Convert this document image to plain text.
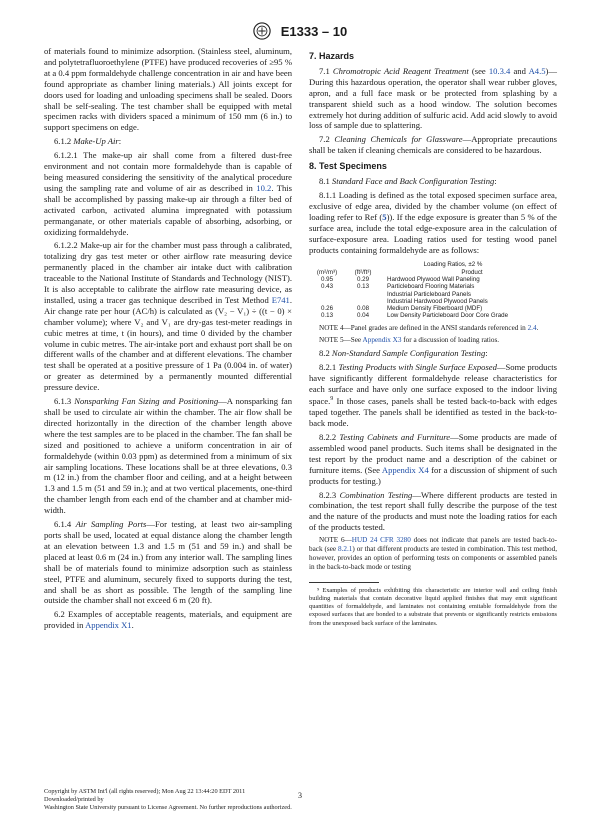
E1333 – 10

of materials found to minimize adsorption. (Stainless steel, aluminum, and polytetrafluoroethylene (PTFE) have produced recoveries of ≥95 % at a 0.4 ppm formaldehyde challenge concentration in air and have been found appropriate as chamber lining materials.) All joints except for doors used for loading and unloading specimens shall be sealed. Doors shall be self-sealing. The test chamber shall be equipped with metal specimen racks with dividers spaced a minimum of 150 mm (6 in.) to support specimens on edge.

6.1.2 Make-Up Air:

6.1.2.1 The make-up air shall come from a filtered dust-free environment and not contain more formaldehyde than is capable of being measured considering the sensitivity of the analytical procedure using the sampling rate and volume of air as described in 10.2. This shall be accomplished by passing make-up air through a filter bed of activated carbon, activated alumina impregnated with potassium permanganate, or other materials capable of absorbing, adsorbing, or oxidizing formaldehyde.

6.1.2.2 Make-up air for the chamber must pass through a calibrated, totalizing dry gas test meter or other airflow rate measuring device permanently placed in the chamber air intake duct with calibration traceable to the National Institute of Standards and Technology (NIST). It is also acceptable to calibrate the airflow rate measuring device, as installed, using a tracer gas technique described in Test Method E741. Air change rate per hour (AC/h) is calculated as (V₂ − V₁) ÷ ((t − 0) × chamber volume); where V₂ and V₁ are dry-gas test-meter readings in cubic metres at time, t (in hours), and time 0 divided by the chamber volume in cubic metres. The air-intake port and exhaust port shall be on different walls of the chamber and at different elevations. The chamber test shall be operated at a positive pressure of 1 Pa (0.004 in. of water) or greater as determined by a permanently mounted differential pressure device.

6.1.3 Nonsparking Fan Sizing and Positioning—A nonsparking fan shall be used to circulate air within the chamber. The air flow shall be directed horizontally in the direction of the chamber length above where the test samples are to be placed in the chamber. The fan shall be sized and positioned to achieve a uniform concentration in air of formaldehyde (within 0.03 ppm) as determined from a minimum of six air sampling locations. These locations shall be at three elevations, 0.3 m (12 in.) from the chamber floor and ceiling, and at a height between 1.3 and 1.5 m (51 and 59 in.); and at two vertical placements, one-third the chamber length from each end of the chamber and at chamber mid-width.

6.1.4 Air Sampling Ports—For testing, at least two air-sampling ports shall be used, located at equal distance along the chamber length at an elevation between 1.3 and 1.5 m (51 and 59 in.) and shall be placed at least 0.6 m (24 in.) from any interior wall. The sampling lines shall be of materials found to minimize adsorption such as stainless steel, PTFE and aluminum, securely fixed to supports during the test, and shall be as short as possible. The length of the sampling line outside the chamber shall not exceed 6 m (20 ft).

6.2 Examples of acceptable reagents, materials, and equipment are provided in Appendix X1.

7. Hazards

7.1 Chromotropic Acid Reagent Treatment (see 10.3.4 and A4.5)—During this hazardous operation, the operator shall wear rubber gloves, apron, and a full face mask or be protected from splashing by a transparent shield such as a hood window. The solution becomes extremely hot during addition of sulfuric acid. Add acid slowly to avoid loss of sample due to splattering.

7.2 Cleaning Chemicals for Glassware—Appropriate precautions shall be taken if cleaning chemicals are considered to be hazardous.

8. Test Specimens

8.1 Standard Face and Back Configuration Testing:

8.1.1 Loading is defined as the total exposed specimen surface area, exclusive of edge area, divided by the chamber volume (on effect of loading refer to Ref (5)). If the edge exposure is greater than 5 % of the surface area, include the total edge-exposure area in the calculation of surface-exposure area. Loading ratios used for testing wood panel products containing formaldehyde are as follows:

Loading Ratios, ±2 %		
(m²/m³)	(ft²/ft³)	Product
0.95	0.29	Hardwood Plywood Wall Paneling
0.43	0.13	Particleboard Flooring Materials
		Industrial Particleboard Panels
		Industrial Hardwood Plywood Panels
0.26	0.08	Medium Density Fiberboard (MDF)
0.13	0.04	Low Density Particleboard Door Core Grade

NOTE 4—Panel grades are defined in the ANSI standards referenced in 2.4.

NOTE 5—See Appendix X3 for a discussion of loading ratios.

8.2 Non-Standard Sample Configuration Testing:

8.2.1 Testing Products with Single Surface Exposed—Some products have significantly different formaldehyde release characteristics for each surface and have only one surface exposed to the indoor living space.$^9$ In those cases, panels shall be tested back-to-back with edges taped together. The panels shall be identified as tested in the back-to-back mode.

8.2.2 Testing Cabinets and Furniture—Some products are made of assembled wood panel products. Such items shall be designated in the test report by the product name and a description of the cabinet or furniture items. (See Appendix X4 for a discussion of shipment of such products for testing.)

8.2.3 Combination Testing—Where different products are tested in combination, the test report shall fully describe the purpose of the test and the nature of the products and must note the loading ratios for each of the products tested.

NOTE 6—HUD 24 CFR 3280 does not indicate that panels are tested back-to-back (see 8.2.1) or that different products are tested in combination. This test method, however, provides an option of performing tests on components or assembled panels in the back-to-back mode or testing

⁹ Examples of products exhibiting this characteristic are interior wall and ceiling finish building materials that contain decorative liquid applied finishes that may emit significant quantities of formaldehyde, and laminates not containing emitable formaldehyde from the exposed surfaces that are bonded to a substrate that prevents or significantly restricts emissions from the unexposed back surface of the laminates.

Copyright by ASTM Int'l (all rights reserved); Mon Aug 22 13:44:20 EDT 2011
Downloaded/printed by
Washington State University pursuant to License Agreement. No further reproductions authorized.
3
